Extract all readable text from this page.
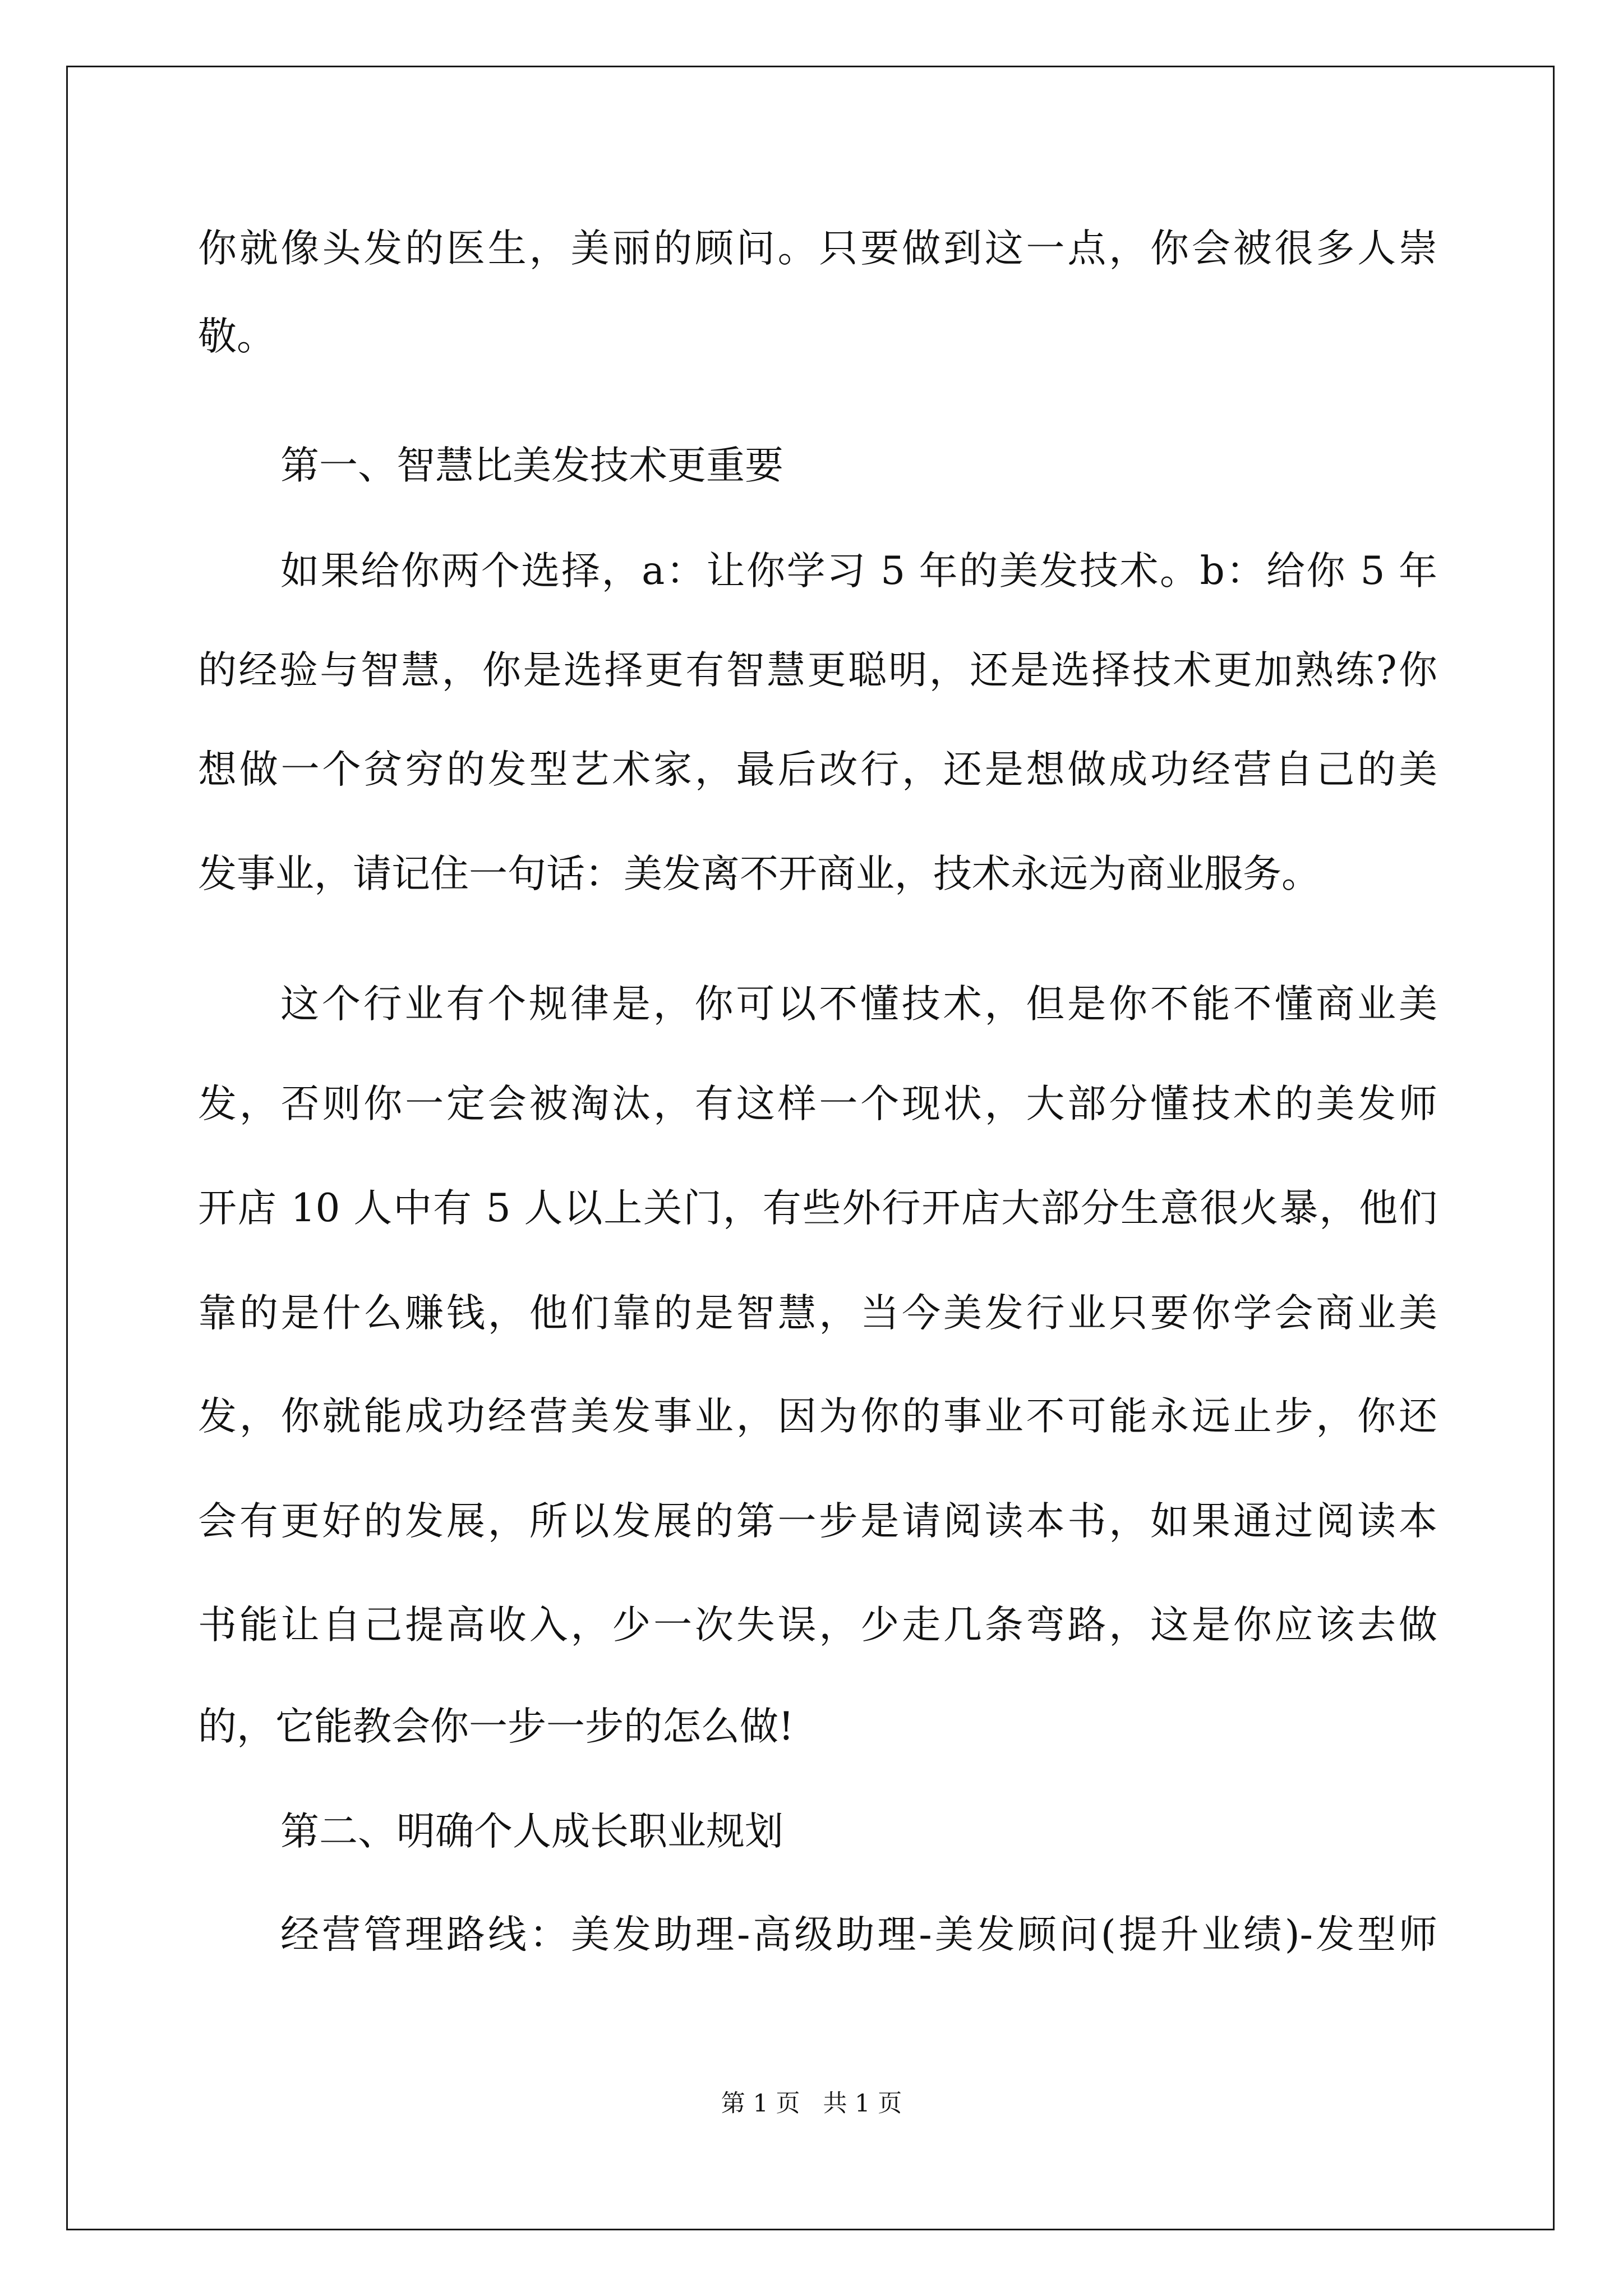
你就像头发的医生，美丽的顾问。只要做到这一点，你会被很多人崇
敬。
第一、智慧比美发技术更重要
如果给你两个选择，a：让你学习 5 年的美发技术。b：给你 5 年
的经验与智慧，你是选择更有智慧更聪明，还是选择技术更加熟练?你
想做一个贫穷的发型艺术家，最后改行，还是想做成功经营自己的美
发事业，请记住一句话：美发离不开商业，技术永远为商业服务。
这个行业有个规律是，你可以不懂技术，但是你不能不懂商业美
发，否则你一定会被淘汰，有这样一个现状，大部分懂技术的美发师
开店 10 人中有 5 人以上关门，有些外行开店大部分生意很火暴，他们
靠的是什么赚钱，他们靠的是智慧，当今美发行业只要你学会商业美
发，你就能成功经营美发事业，因为你的事业不可能永远止步，你还
会有更好的发展，所以发展的第一步是请阅读本书，如果通过阅读本
书能让自己提高收入，少一次失误，少走几条弯路，这是你应该去做
的，它能教会你一步一步的怎么做!
第二、明确个人成长职业规划
经营管理路线：美发助理-高级助理-美发顾问(提升业绩)-发型师
第 1 页   共 1 页
